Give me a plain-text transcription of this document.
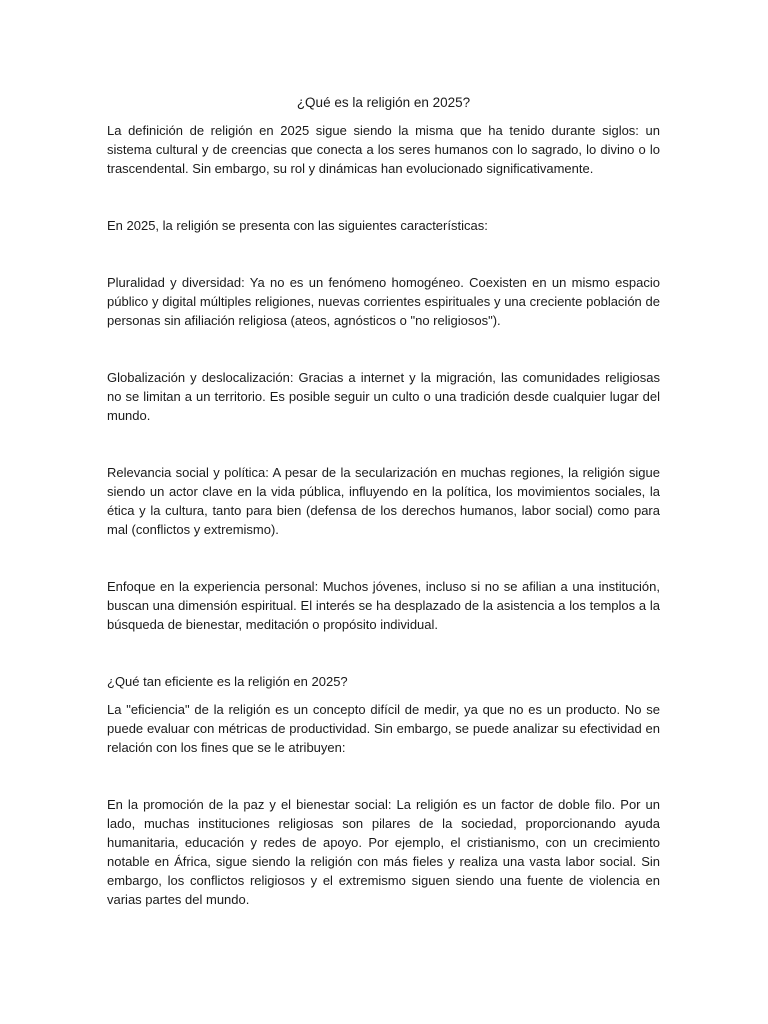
¿Qué es la religión en 2025?

La definición de religión en 2025 sigue siendo la misma que ha tenido durante siglos: un sistema cultural y de creencias que conecta a los seres humanos con lo sagrado, lo divino o lo trascendental. Sin embargo, su rol y dinámicas han evolucionado significativamente.

En 2025, la religión se presenta con las siguientes características:

Pluralidad y diversidad: Ya no es un fenómeno homogéneo. Coexisten en un mismo espacio público y digital múltiples religiones, nuevas corrientes espirituales y una creciente población de personas sin afiliación religiosa (ateos, agnósticos o "no religiosos").

Globalización y deslocalización: Gracias a internet y la migración, las comunidades religiosas no se limitan a un territorio. Es posible seguir un culto o una tradición desde cualquier lugar del mundo.

Relevancia social y política: A pesar de la secularización en muchas regiones, la religión sigue siendo un actor clave en la vida pública, influyendo en la política, los movimientos sociales, la ética y la cultura, tanto para bien (defensa de los derechos humanos, labor social) como para mal (conflictos y extremismo).

Enfoque en la experiencia personal: Muchos jóvenes, incluso si no se afilian a una institución, buscan una dimensión espiritual. El interés se ha desplazado de la asistencia a los templos a la búsqueda de bienestar, meditación o propósito individual.

¿Qué tan eficiente es la religión en 2025?

La "eficiencia" de la religión es un concepto difícil de medir, ya que no es un producto. No se puede evaluar con métricas de productividad. Sin embargo, se puede analizar su efectividad en relación con los fines que se le atribuyen:

En la promoción de la paz y el bienestar social: La religión es un factor de doble filo. Por un lado, muchas instituciones religiosas son pilares de la sociedad, proporcionando ayuda humanitaria, educación y redes de apoyo. Por ejemplo, el cristianismo, con un crecimiento notable en África, sigue siendo la religión con más fieles y realiza una vasta labor social. Sin embargo, los conflictos religiosos y el extremismo siguen siendo una fuente de violencia en varias partes del mundo.
